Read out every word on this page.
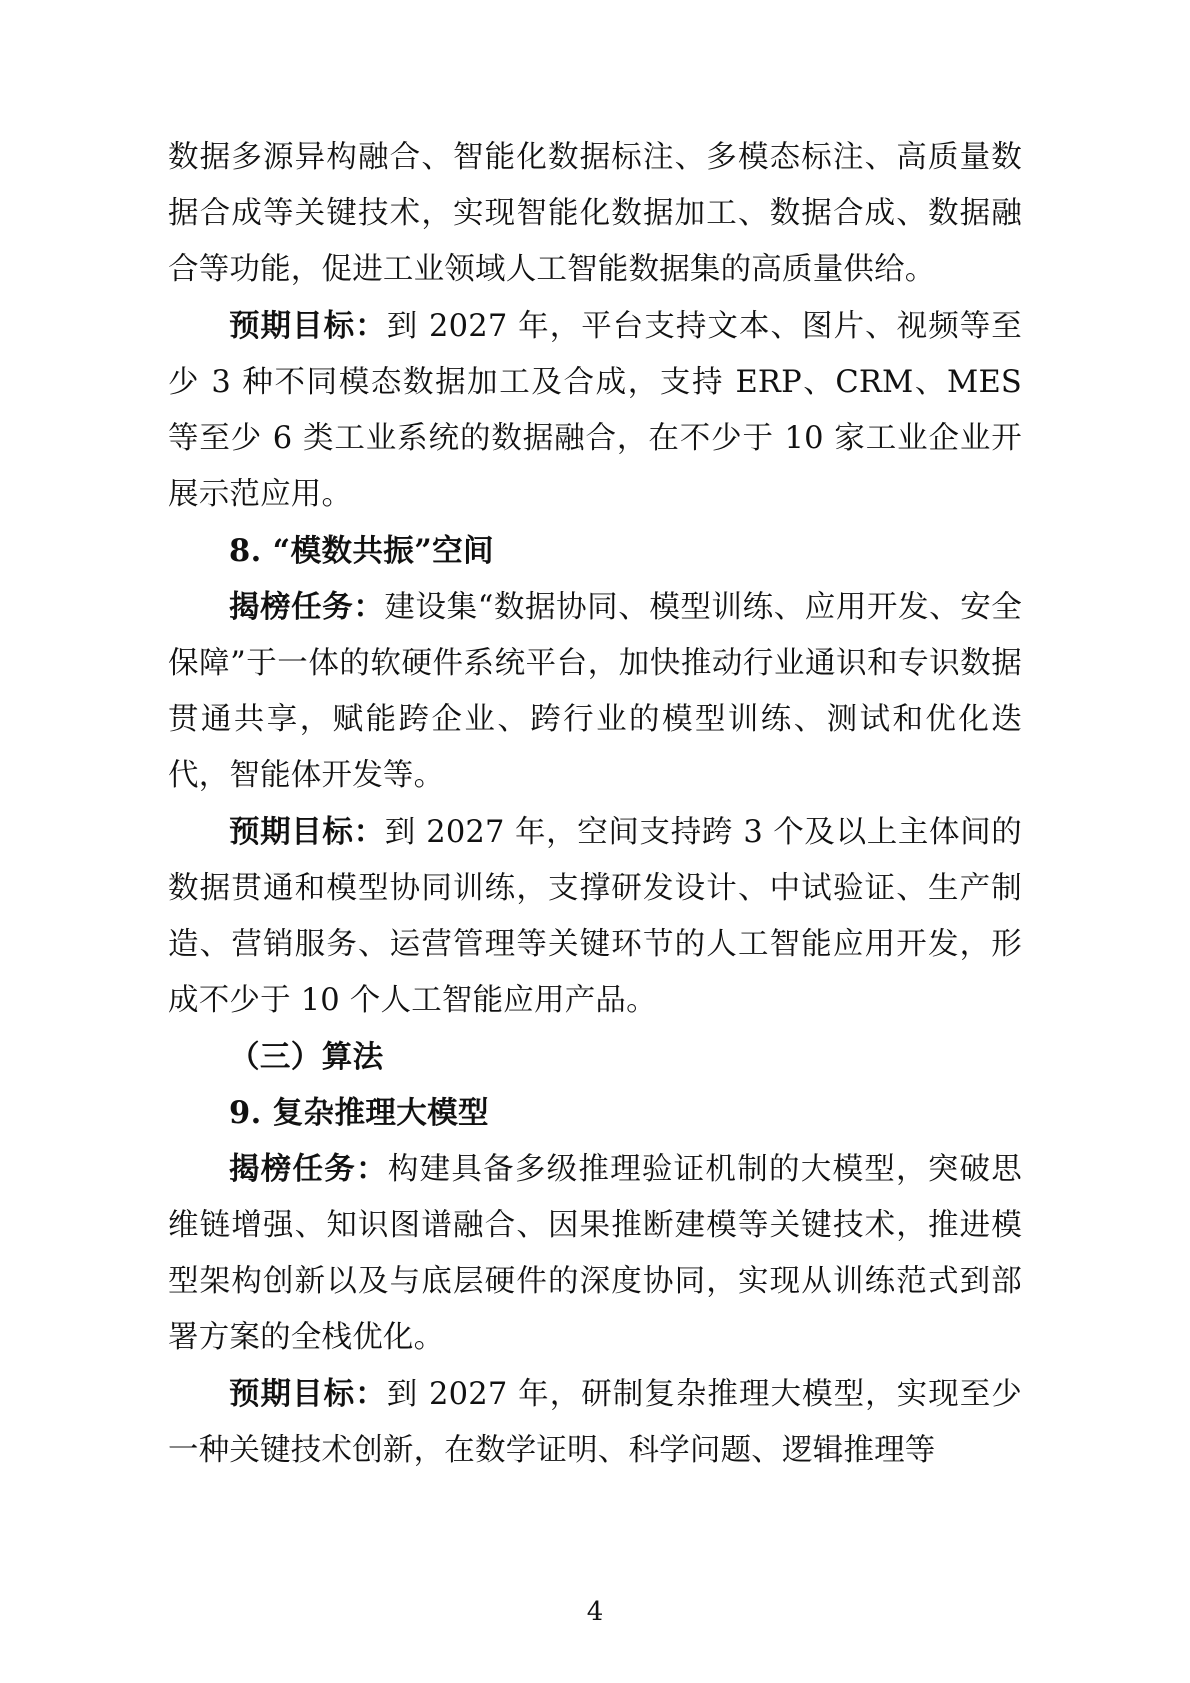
数据多源异构融合、智能化数据标注、多模态标注、高质量数据合成等关键技术，实现智能化数据加工、数据合成、数据融合等功能，促进工业领域人工智能数据集的高质量供给。

预期目标：到 2027 年，平台支持文本、图片、视频等至少 3 种不同模态数据加工及合成，支持 ERP、CRM、MES 等至少 6 类工业系统的数据融合，在不少于 10 家工业企业开展示范应用。

8. “模数共振”空间

揭榜任务：建设集“数据协同、模型训练、应用开发、安全保障”于一体的软硬件系统平台，加快推动行业通识和专识数据贯通共享，赋能跨企业、跨行业的模型训练、测试和优化迭代，智能体开发等。

预期目标：到 2027 年，空间支持跨 3 个及以上主体间的数据贯通和模型协同训练，支撑研发设计、中试验证、生产制造、营销服务、运营管理等关键环节的人工智能应用开发，形成不少于 10 个人工智能应用产品。

（三）算法
9. 复杂推理大模型

揭榜任务：构建具备多级推理验证机制的大模型，突破思维链增强、知识图谱融合、因果推断建模等关键技术，推进模型架构创新以及与底层硬件的深度协同，实现从训练范式到部署方案的全栈优化。

预期目标：到 2027 年，研制复杂推理大模型，实现至少一种关键技术创新，在数学证明、科学问题、逻辑推理等

4
